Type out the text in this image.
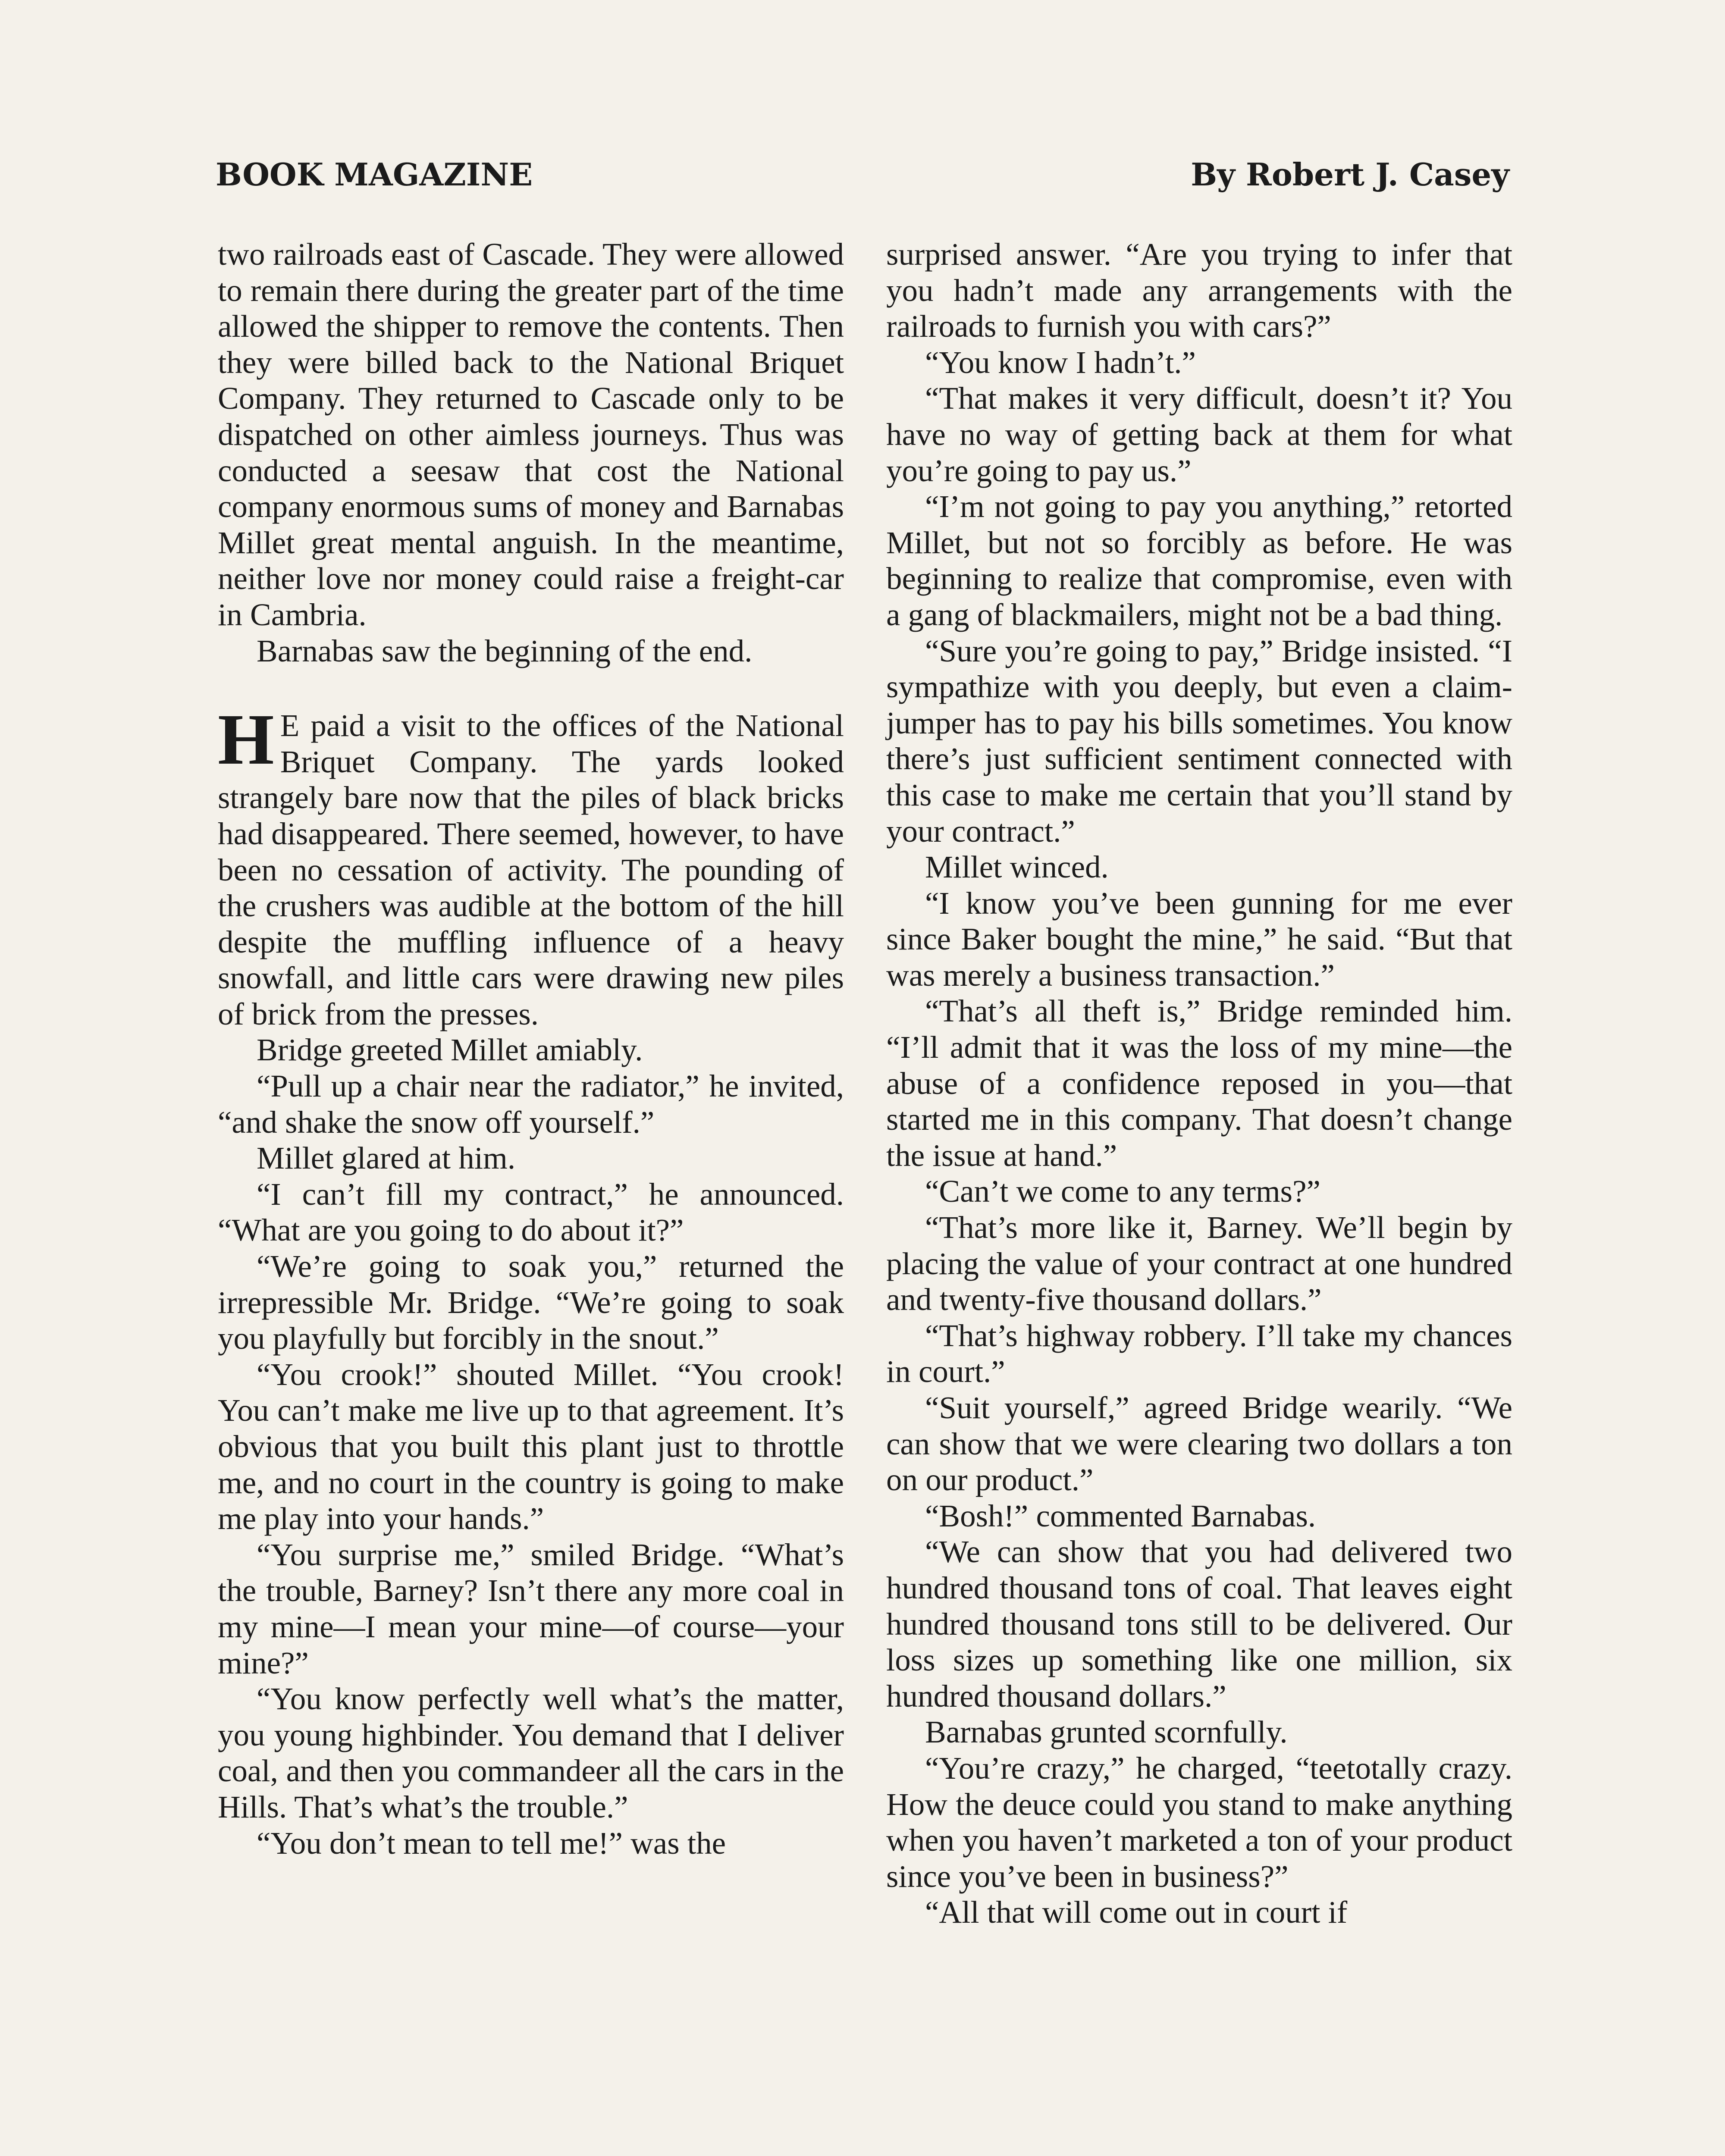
BOOK MAGAZINE	By Robert J. Casey

two railroads east of Cascade. They were allowed to remain there during the greater part of the time allowed the shipper to remove the contents. Then they were billed back to the National Briquet Company. They returned to Cascade only to be dispatched on other aimless journeys. Thus was conducted a seesaw that cost the National company enormous sums of money and Barnabas Millet great mental anguish. In the meantime, neither love nor money could raise a freight-car in Cambria.

Barnabas saw the beginning of the end.

H E paid a visit to the offices of the National Briquet Company. The yards looked strangely bare now that the piles of black bricks had disappeared. There seemed, however, to have been no cessation of activity. The pounding of the crushers was audible at the bottom of the hill despite the muffling influence of a heavy snowfall, and little cars were drawing new piles of brick from the presses.

Bridge greeted Millet amiably.

“Pull up a chair near the radiator,” he invited, “and shake the snow off yourself.”

Millet glared at him.

“I can’t fill my contract,” he announced. “What are you going to do about it?”

“We’re going to soak you,” returned the irrepressible Mr. Bridge. “We’re going to soak you playfully but forcibly in the snout.”

“You crook!” shouted Millet. “You crook! You can’t make me live up to that agreement. It’s obvious that you built this plant just to throttle me, and no court in the country is going to make me play into your hands.”

“You surprise me,” smiled Bridge. “What’s the trouble, Barney? Isn’t there any more coal in my mine—I mean your mine—of course—your mine?”

“You know perfectly well what’s the matter, you young highbinder. You demand that I deliver coal, and then you commandeer all the cars in the Hills. That’s what’s the trouble.”

“You don’t mean to tell me!” was the

surprised answer. “Are you trying to infer that you hadn’t made any arrangements with the railroads to furnish you with cars?”

“You know I hadn’t.”

“That makes it very difficult, doesn’t it? You have no way of getting back at them for what you’re going to pay us.”

“I’m not going to pay you anything,” retorted Millet, but not so forcibly as before. He was beginning to realize that compromise, even with a gang of blackmailers, might not be a bad thing.

“Sure you’re going to pay,” Bridge insisted. “I sympathize with you deeply, but even a claim-jumper has to pay his bills sometimes. You know there’s just sufficient sentiment connected with this case to make me certain that you’ll stand by your contract.”

Millet winced.

“I know you’ve been gunning for me ever since Baker bought the mine,” he said. “But that was merely a business transaction.”

“That’s all theft is,” Bridge reminded him. “I’ll admit that it was the loss of my mine—the abuse of a confidence reposed in you—that started me in this company. That doesn’t change the issue at hand.”

“Can’t we come to any terms?”

“That’s more like it, Barney. We’ll begin by placing the value of your contract at one hundred and twenty-five thousand dollars.”

“That’s highway robbery. I’ll take my chances in court.”

“Suit yourself,” agreed Bridge wearily. “We can show that we were clearing two dollars a ton on our product.”

“Bosh!” commented Barnabas.

“We can show that you had delivered two hundred thousand tons of coal. That leaves eight hundred thousand tons still to be delivered. Our loss sizes up something like one million, six hundred thousand dollars.”

Barnabas grunted scornfully.

“You’re crazy,” he charged, “teetotally crazy. How the deuce could you stand to make anything when you haven’t marketed a ton of your product since you’ve been in business?”

“All that will come out in court if
